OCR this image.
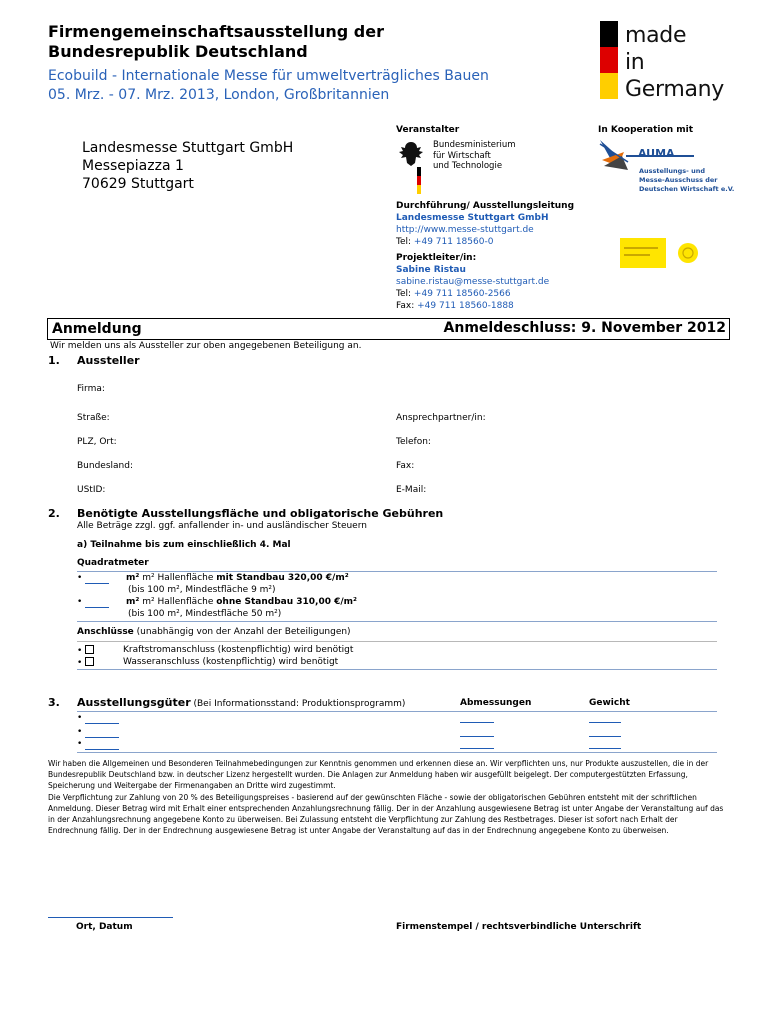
Firmengemeinschaftsausstellung der
Bundesrepublik Deutschland
Ecobuild - Internationale Messe für umweltverträgliches Bauen
05. Mrz. - 07. Mrz. 2013, London, Großbritannien
made
in
Germany
Landesmesse Stuttgart GmbH
Messepiazza 1
70629 Stuttgart
Veranstalter	In Kooperation mit
Bundesministerium
für Wirtschaft
und Technologie
AUMA
Ausstellungs- und
Messe-Ausschuss der
Deutschen Wirtschaft e.V.
Durchführung/ Ausstellungsleitung
Landesmesse Stuttgart GmbH
http://www.messe-stuttgart.de
Tel: +49 711 18560-0
Projektleiter/in:
Sabine Ristau
sabine.ristau@messe-stuttgart.de
Tel: +49 711 18560-2566
Fax: +49 711 18560-1888
Anmeldung	Anmeldeschluss: 9. November 2012
Wir melden uns als Aussteller zur oben angegebenen Beteiligung an.
1. Aussteller
Firma:
Straße:	Ansprechpartner/in:
PLZ, Ort:	Telefon:
Bundesland:	Fax:
UStID:	E-Mail:
2. Benötigte Ausstellungsfläche und obligatorische Gebühren
Alle Beträge zzgl. ggf. anfallender in- und ausländischer Steuern
a) Teilnahme bis zum einschließlich 4. Mal
Quadratmeter
•	m² m² Hallenfläche mit Standbau 320,00 €/m²
(bis 100 m², Mindestfläche 9 m²)
•	m² m² Hallenfläche ohne Standbau 310,00 €/m²
(bis 100 m², Mindestfläche 50 m²)
Anschlüsse (unabhängig von der Anzahl der Beteiligungen)
•	Kraftstromanschluss (kostenpflichtig) wird benötigt
•	Wasseranschluss (kostenpflichtig) wird benötigt
3. Ausstellungsgüter (Bei Informationsstand: Produktionsprogramm)	Abmessungen	Gewicht
•
•
•
Wir haben die Allgemeinen und Besonderen Teilnahmebedingungen zur Kenntnis genommen und erkennen diese an. Wir verpflichten uns, nur Produkte auszustellen, die in der Bundesrepublik Deutschland bzw. in deutscher Lizenz hergestellt wurden. Die Anlagen zur Anmeldung haben wir ausgefüllt beigelegt. Der computergestützten Erfassung, Speicherung und Weitergabe der Firmenangaben an Dritte wird zugestimmt.
Die Verpflichtung zur Zahlung von 20 % des Beteiligungspreises - basierend auf der gewünschten Fläche - sowie der obligatorischen Gebühren entsteht mit der schriftlichen Anmeldung. Dieser Betrag wird mit Erhalt einer entsprechenden Anzahlungsrechnung fällig. Der in der Anzahlung ausgewiesene Betrag ist unter Angabe der Veranstaltung auf das in der Anzahlungsrechnung angegebene Konto zu überweisen. Bei Zulassung entsteht die Verpflichtung zur Zahlung des Restbetrages. Dieser ist sofort nach Erhalt der Endrechnung fällig. Der in der Endrechnung ausgewiesene Betrag ist unter Angabe der Veranstaltung auf das in der Endrechnung angegebene Konto zu überweisen.
Ort, Datum	Firmenstempel / rechtsverbindliche Unterschrift
